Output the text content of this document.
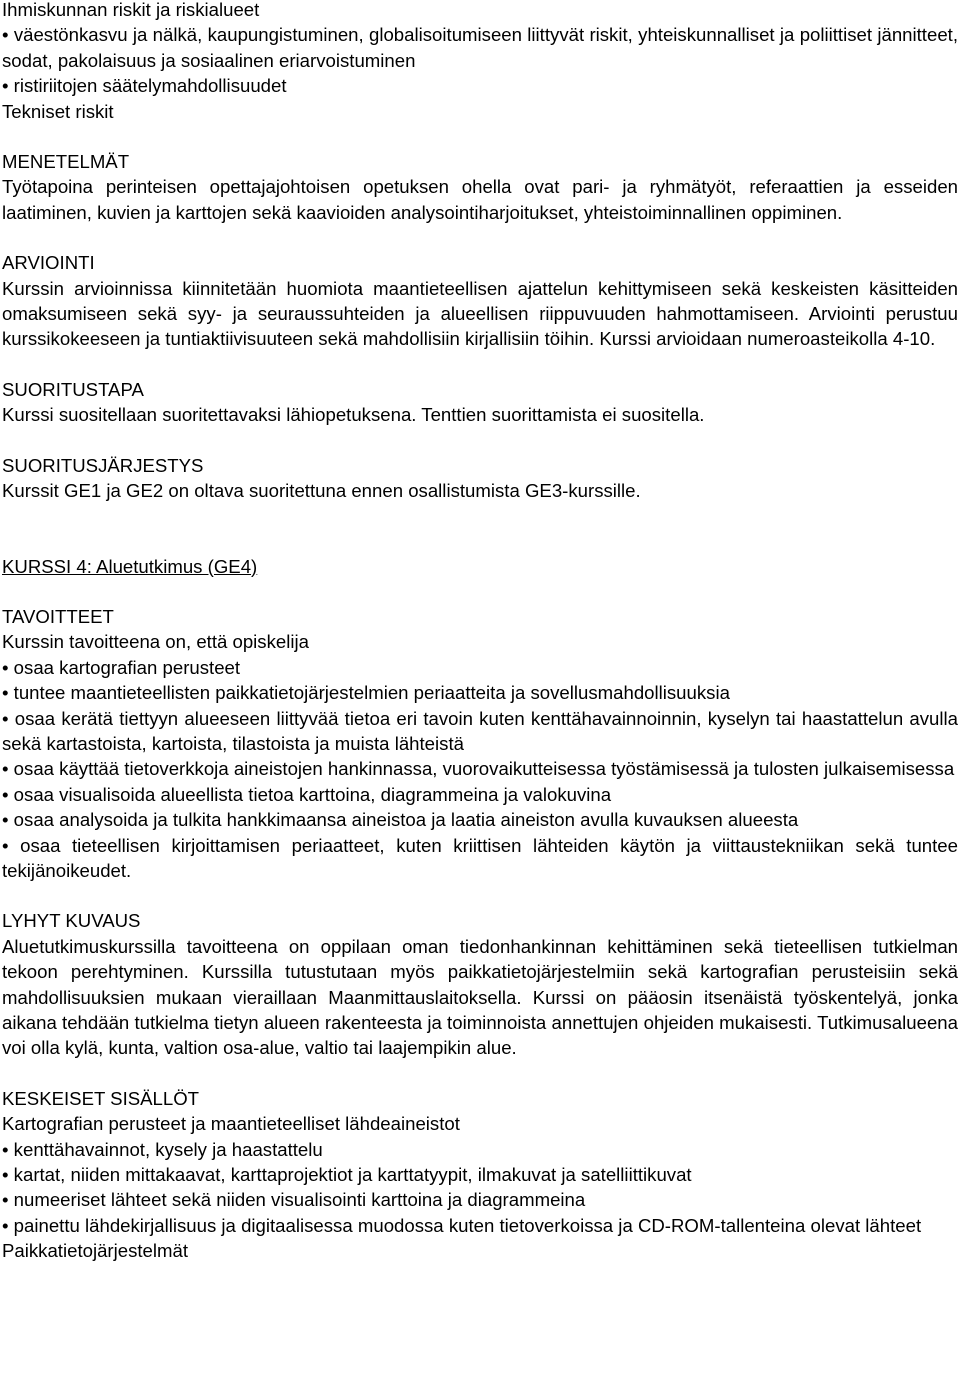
Ihmiskunnan riskit ja riskialueet

• väestönkasvu ja nälkä, kaupungistuminen, globalisoitumiseen liittyvät riskit, yhteiskunnalliset ja poliittiset jännitteet, sodat, pakolaisuus ja sosiaalinen eriarvoistuminen

• ristiriitojen säätelymahdollisuudet

Tekniset riskit

MENETELMÄT

Työtapoina perinteisen opettajajohtoisen opetuksen ohella ovat pari- ja ryhmätyöt, referaattien ja esseiden laatiminen, kuvien ja karttojen sekä kaavioiden analysointiharjoitukset, yhteistoiminnallinen oppiminen.

ARVIOINTI

Kurssin arvioinnissa kiinnitetään huomiota maantieteellisen ajattelun kehittymiseen sekä keskeisten käsitteiden omaksumiseen sekä syy- ja seuraussuhteiden ja alueellisen riippuvuuden hahmottamiseen. Arviointi perustuu kurssikokeeseen ja tuntiaktiivisuuteen sekä mahdollisiin kirjallisiin töihin. Kurssi arvioidaan numeroasteikolla 4-10.

SUORITUSTAPA

Kurssi suositellaan suoritettavaksi lähiopetuksena. Tenttien suorittamista ei suositella.

SUORITUSJÄRJESTYS

Kurssit GE1 ja GE2 on oltava suoritettuna ennen osallistumista GE3-kurssille.

KURSSI 4: Aluetutkimus (GE4)

TAVOITTEET

Kurssin tavoitteena on, että opiskelija

• osaa kartografian perusteet

• tuntee maantieteellisten paikkatietojärjestelmien periaatteita ja sovellusmahdollisuuksia

• osaa kerätä tiettyyn alueeseen liittyvää tietoa eri tavoin kuten kenttähavainnoinnin, kyselyn tai haastattelun avulla sekä kartastoista, kartoista, tilastoista ja muista lähteistä

• osaa käyttää tietoverkkoja aineistojen hankinnassa, vuorovaikutteisessa työstämisessä ja tulosten julkaisemisessa

• osaa visualisoida alueellista tietoa karttoina, diagrammeina ja valokuvina

• osaa analysoida ja tulkita hankkimaansa aineistoa ja laatia aineiston avulla kuvauksen alueesta

• osaa tieteellisen kirjoittamisen periaatteet, kuten kriittisen lähteiden käytön ja viittaustekniikan sekä tuntee tekijänoikeudet.

LYHYT KUVAUS

Aluetutkimuskurssilla tavoitteena on oppilaan oman tiedonhankinnan kehittäminen sekä tieteellisen tutkielman tekoon perehtyminen. Kurssilla tutustutaan myös paikkatietojärjestelmiin sekä kartografian perusteisiin sekä mahdollisuuksien mukaan vieraillaan Maanmittauslaitoksella. Kurssi on pääosin itsenäistä työskentelyä, jonka aikana tehdään tutkielma tietyn alueen rakenteesta ja toiminnoista annettujen ohjeiden mukaisesti. Tutkimusalueena voi olla kylä, kunta, valtion osa-alue, valtio tai laajempikin alue.

KESKEISET SISÄLLÖT

Kartografian perusteet ja maantieteelliset lähdeaineistot

• kenttähavainnot, kysely ja haastattelu

• kartat, niiden mittakaavat, karttaprojektiot ja karttatyypit, ilmakuvat ja satelliittikuvat

• numeeriset lähteet sekä niiden visualisointi karttoina ja diagrammeina

• painettu lähdekirjallisuus ja digitaalisessa muodossa kuten tietoverkoissa ja CD-ROM-tallenteina olevat lähteet

Paikkatietojärjestelmät
